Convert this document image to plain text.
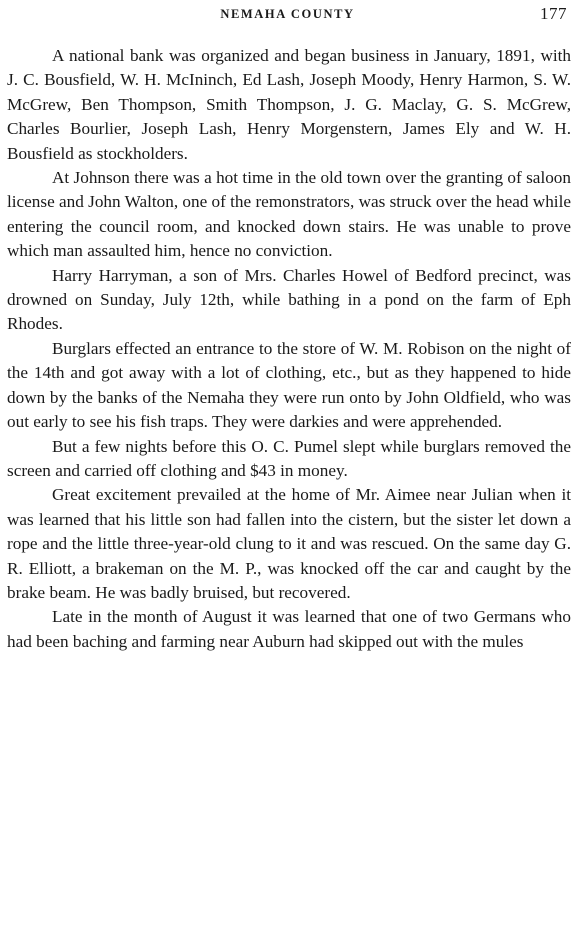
NEMAHA COUNTY	177

A national bank was organized and began business in January, 1891, with J. C. Bousfield, W. H. McIninch, Ed Lash, Joseph Moody, Henry Harmon, S. W. McGrew, Ben Thompson, Smith Thompson, J. G. Maclay, G. S. McGrew, Charles Bourlier, Joseph Lash, Henry Morgenstern, James Ely and W. H. Bousfield as stockholders.

At Johnson there was a hot time in the old town over the granting of saloon license and John Walton, one of the remonstrators, was struck over the head while entering the council room, and knocked down stairs. He was unable to prove which man assaulted him, hence no conviction.

Harry Harryman, a son of Mrs. Charles Howel of Bedford precinct, was drowned on Sunday, July 12th, while bathing in a pond on the farm of Eph Rhodes.

Burglars effected an entrance to the store of W. M. Robison on the night of the 14th and got away with a lot of clothing, etc., but as they happened to hide down by the banks of the Nemaha they were run onto by John Oldfield, who was out early to see his fish traps. They were darkies and were apprehended.

But a few nights before this O. C. Pumel slept while burglars removed the screen and carried off clothing and $43 in money.

Great excitement prevailed at the home of Mr. Aimee near Julian when it was learned that his little son had fallen into the cistern, but the sister let down a rope and the little three-year-old clung to it and was rescued. On the same day G. R. Elliott, a brakeman on the M. P., was knocked off the car and caught by the brake beam. He was badly bruised, but recovered.

Late in the month of August it was learned that one of two Germans who had been baching and farming near Auburn had skipped out with the mules
